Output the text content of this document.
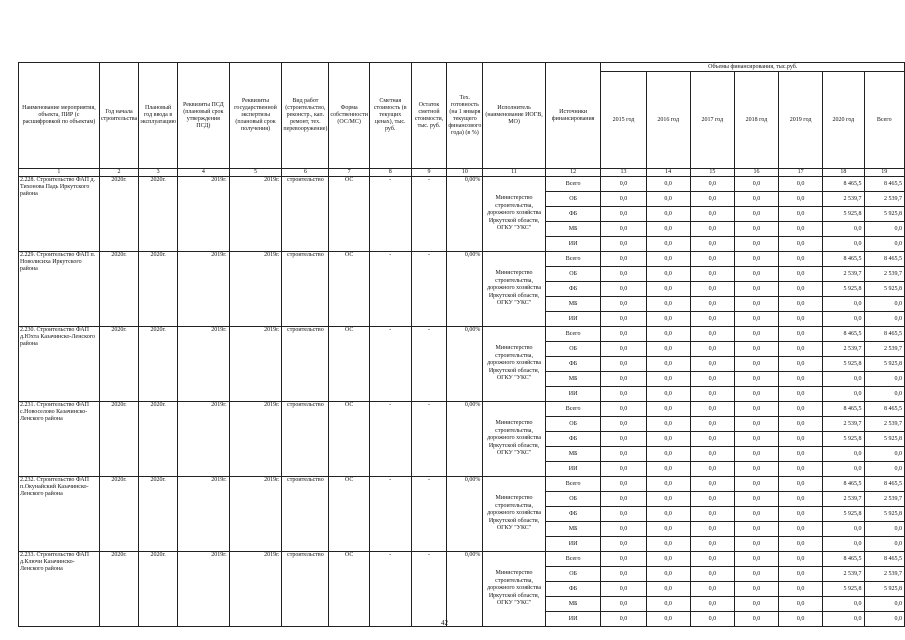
Наименование мероприятия, объекта, ПИР (с расшифровкой по объектам)	Год начала строительства	Плановый год ввода в эксплуатацию	Реквизиты ПСД (плановый срок утверждения ПСД)	Реквизиты государственной экспертизы (плановый срок получения)	Вид работ (строительство, реконстр., кап. ремонт, тех. перевооружение)	Форма собственности (ОС/МС)	Сметная стоимость (в текущих ценах), тыс. руб.	Остаток сметной стоимости, тыс. руб.	Тех. готовность (на 1 января текущего финансового года) (в %)	Исполнитель (наименование ИОГВ, МО)	Источники финансирования	Объемы финансирования, тыс.руб.						
												2015 год	2016 год	2017 год	2018 год	2019 год	2020 год	Всего
1	2	3	4	5	6	7	8	9	10	11	12	13	14	15	16	17	18	19
2.228. Строительство ФАП д. Тихонова Падь Иркутского района	2020г.	2020г.	2019г.	2019г.	строительство	ОС	-	-	0,00%	Министерство строительства, дорожного хозяйства Иркутской области, ОГКУ "УКС"	Всего	0,0	0,0	0,0	0,0	0,0	8 465,5	8 465,5
											ОБ	0,0	0,0	0,0	0,0	0,0	2 539,7	2 539,7
											ФБ	0,0	0,0	0,0	0,0	0,0	5 925,8	5 925,8
											МБ	0,0	0,0	0,0	0,0	0,0	0,0	0,0
											ИИ	0,0	0,0	0,0	0,0	0,0	0,0	0,0
2.229. Строительство ФАП п. Новолисиха Иркутского района	2020г.	2020г.	2019г.	2019г.	строительство	ОС	-	-	0,00%	Министерство строительства, дорожного хозяйства Иркутской области, ОГКУ "УКС"	Всего	0,0	0,0	0,0	0,0	0,0	8 465,5	8 465,5
											ОБ	0,0	0,0	0,0	0,0	0,0	2 539,7	2 539,7
											ФБ	0,0	0,0	0,0	0,0	0,0	5 925,8	5 925,8
											МБ	0,0	0,0	0,0	0,0	0,0	0,0	0,0
											ИИ	0,0	0,0	0,0	0,0	0,0	0,0	0,0
2.230. Строительство ФАП д.Юхта Казачинско-Ленского района	2020г.	2020г.	2019г.	2019г.	строительство	ОС	-	-	0,00%	Министерство строительства, дорожного хозяйства Иркутской области, ОГКУ "УКС"	Всего	0,0	0,0	0,0	0,0	0,0	8 465,5	8 465,5
											ОБ	0,0	0,0	0,0	0,0	0,0	2 539,7	2 539,7
											ФБ	0,0	0,0	0,0	0,0	0,0	5 925,8	5 925,8
											МБ	0,0	0,0	0,0	0,0	0,0	0,0	0,0
											ИИ	0,0	0,0	0,0	0,0	0,0	0,0	0,0
2.231. Строительство ФАП с.Новоселово Казачинско-Ленского района	2020г.	2020г.	2019г.	2019г.	строительство	ОС	-	-	0,00%	Министерство строительства, дорожного хозяйства Иркутской области, ОГКУ "УКС"	Всего	0,0	0,0	0,0	0,0	0,0	8 465,5	8 465,5
											ОБ	0,0	0,0	0,0	0,0	0,0	2 539,7	2 539,7
											ФБ	0,0	0,0	0,0	0,0	0,0	5 925,8	5 925,8
											МБ	0,0	0,0	0,0	0,0	0,0	0,0	0,0
											ИИ	0,0	0,0	0,0	0,0	0,0	0,0	0,0
2.232. Строительство ФАП п.Окунайский Казачинско-Ленского района	2020г.	2020г.	2019г.	2019г.	строительство	ОС	-	-	0,00%	Министерство строительства, дорожного хозяйства Иркутской области, ОГКУ "УКС"	Всего	0,0	0,0	0,0	0,0	0,0	8 465,5	8 465,5
											ОБ	0,0	0,0	0,0	0,0	0,0	2 539,7	2 539,7
											ФБ	0,0	0,0	0,0	0,0	0,0	5 925,8	5 925,8
											МБ	0,0	0,0	0,0	0,0	0,0	0,0	0,0
											ИИ	0,0	0,0	0,0	0,0	0,0	0,0	0,0
2.233. Строительство ФАП д.Ключи Казачинско-Ленского района	2020г.	2020г.	2019г.	2019г.	строительство	ОС	-	-	0,00%	Министерство строительства, дорожного хозяйства Иркутской области, ОГКУ "УКС"	Всего	0,0	0,0	0,0	0,0	0,0	8 465,5	8 465,5
											ОБ	0,0	0,0	0,0	0,0	0,0	2 539,7	2 539,7
											ФБ	0,0	0,0	0,0	0,0	0,0	5 925,8	5 925,8
											МБ	0,0	0,0	0,0	0,0	0,0	0,0	0,0
											ИИ	0,0	0,0	0,0	0,0	0,0	0,0	0,0
42
